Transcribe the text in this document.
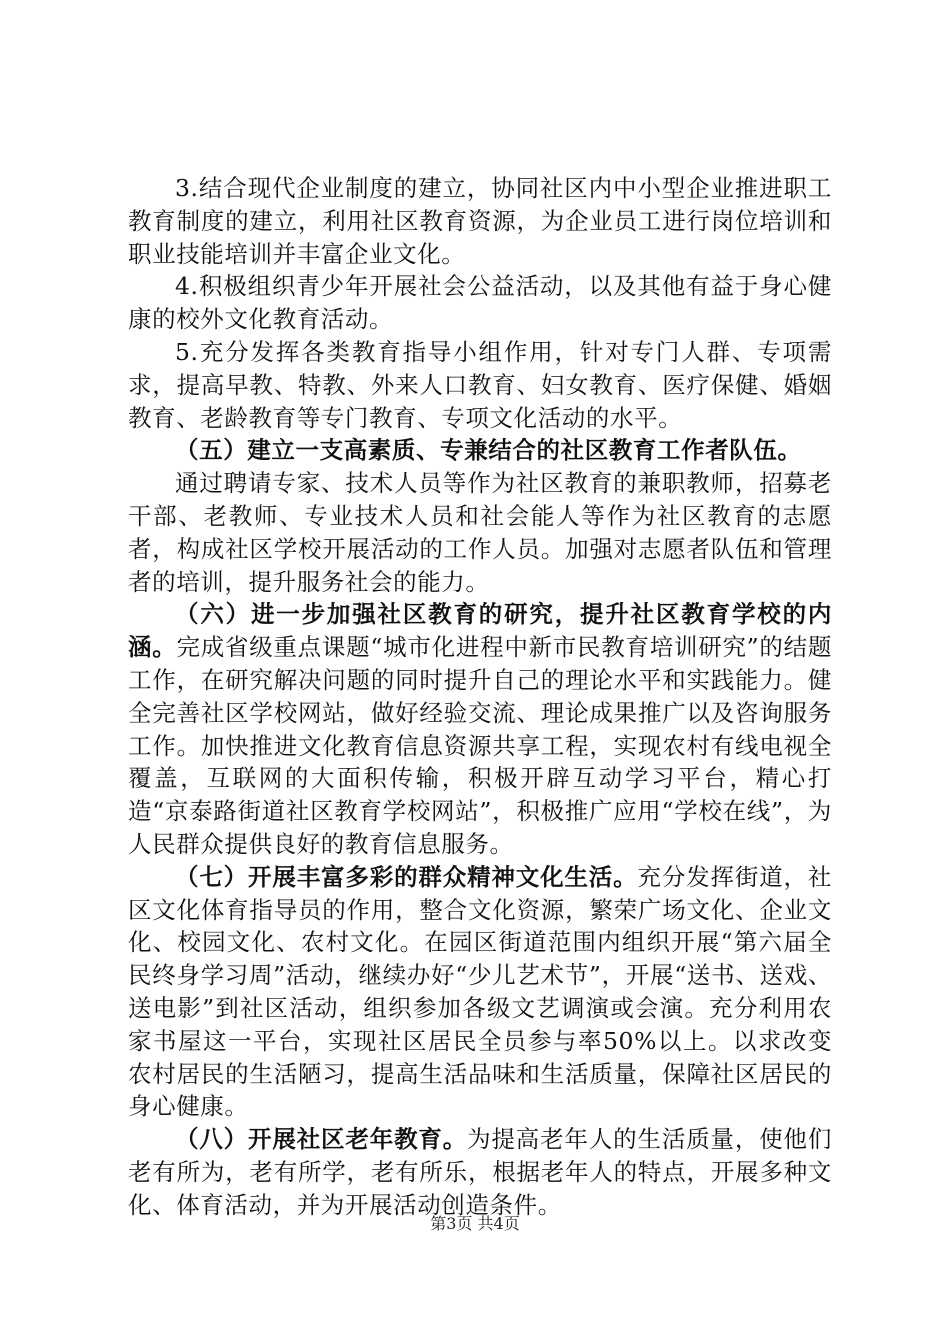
3.结合现代企业制度的建立，协同社区内中小型企业推进职工教育制度的建立，利用社区教育资源，为企业员工进行岗位培训和职业技能培训并丰富企业文化。

4.积极组织青少年开展社会公益活动，以及其他有益于身心健康的校外文化教育活动。

5.充分发挥各类教育指导小组作用，针对专门人群、专项需求，提高早教、特教、外来人口教育、妇女教育、医疗保健、婚姻教育、老龄教育等专门教育、专项文化活动的水平。

（五）建立一支高素质、专兼结合的社区教育工作者队伍。

通过聘请专家、技术人员等作为社区教育的兼职教师，招募老干部、老教师、专业技术人员和社会能人等作为社区教育的志愿者，构成社区学校开展活动的工作人员。加强对志愿者队伍和管理者的培训，提升服务社会的能力。

（六）进一步加强社区教育的研究，提升社区教育学校的内涵。完成省级重点课题“城市化进程中新市民教育培训研究”的结题工作，在研究解决问题的同时提升自己的理论水平和实践能力。健全完善社区学校网站，做好经验交流、理论成果推广以及咨询服务工作。加快推进文化教育信息资源共享工程，实现农村有线电视全覆盖，互联网的大面积传输，积极开辟互动学习平台，精心打造“京泰路街道社区教育学校网站”，积极推广应用“学校在线”，为人民群众提供良好的教育信息服务。

（七）开展丰富多彩的群众精神文化生活。充分发挥街道，社区文化体育指导员的作用，整合文化资源，繁荣广场文化、企业文化、校园文化、农村文化。在园区街道范围内组织开展“第六届全民终身学习周”活动，继续办好“少儿艺术节”，开展“送书、送戏、送电影”到社区活动，组织参加各级文艺调演或会演。充分利用农家书屋这一平台，实现社区居民全员参与率50%以上。以求改变农村居民的生活陋习，提高生活品味和生活质量，保障社区居民的身心健康。

（八）开展社区老年教育。为提高老年人的生活质量，使他们老有所为，老有所学，老有所乐，根据老年人的特点，开展多种文化、体育活动，并为开展活动创造条件。

第3页 共4页
